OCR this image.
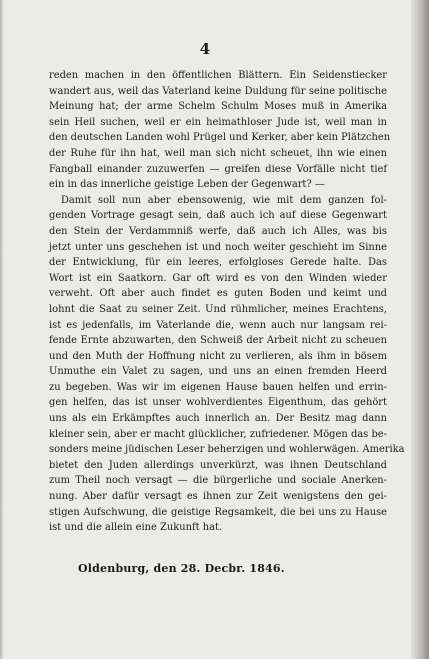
4
reden machen in den öffentlichen Blättern. Ein Seidenstiecker
wandert aus, weil das Vaterland keine Duldung für seine politische
Meinung hat; der arme Schelm Schulm Moses muß in Amerika
sein Heil suchen, weil er ein heimathloser Jude ist, weil man in
den deutschen Landen wohl Prügel und Kerker, aber kein Plätzchen
der Ruhe für ihn hat, weil man sich nicht scheuet, ihn wie einen
Fangball einander zuzuwerfen — greifen diese Vorfälle nicht tief
ein in das innerliche geistige Leben der Gegenwart? —
Damit soll nun aber ebensowenig, wie mit dem ganzen fol-
genden Vortrage gesagt sein, daß auch ich auf diese Gegenwart
den Stein der Verdammniß werfe, daß auch ich Alles, was bis
jetzt unter uns geschehen ist und noch weiter geschieht im Sinne
der Entwicklung, für ein leeres, erfolgloses Gerede halte. Das
Wort ist ein Saatkorn. Gar oft wird es von den Winden wieder
verweht. Oft aber auch findet es guten Boden und keimt und
lohnt die Saat zu seiner Zeit. Und rühmlicher, meines Erachtens,
ist es jedenfalls, im Vaterlande die, wenn auch nur langsam rei-
fende Ernte abzuwarten, den Schweiß der Arbeit nicht zu scheuen
und den Muth der Hoffnung nicht zu verlieren, als ihm in bösem
Unmuthe ein Valet zu sagen, und uns an einen fremden Heerd
zu begeben. Was wir im eigenen Hause bauen helfen und errin-
gen helfen, das ist unser wohlverdientes Eigenthum, das gehört
uns als ein Erkämpftes auch innerlich an. Der Besitz mag dann
kleiner sein, aber er macht glücklicher, zufriedener. Mögen das be-
sonders meine jüdischen Leser beherzigen und wohlerwägen. Amerika
bietet den Juden allerdings unverkürzt, was ihnen Deutschland
zum Theil noch versagt — die bürgerliche und sociale Anerken-
nung. Aber dafür versagt es ihnen zur Zeit wenigstens den gei-
stigen Aufschwung, die geistige Regsamkeit, die bei uns zu Hause
ist und die allein eine Zukunft hat.
Oldenburg, den 28. Decbr. 1846.
